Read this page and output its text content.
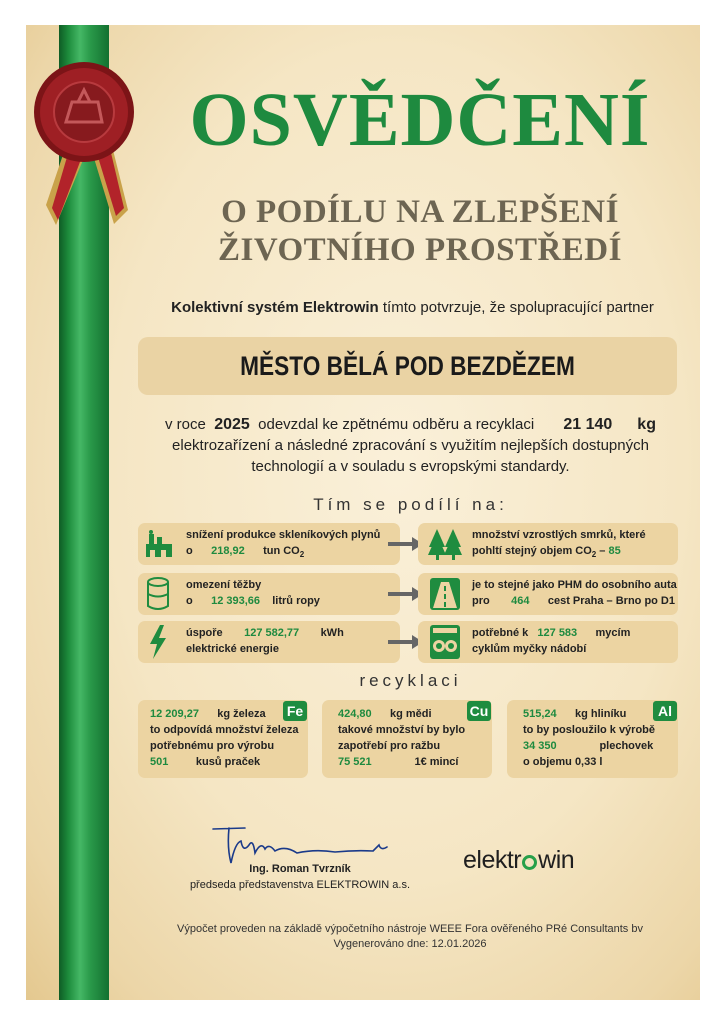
OSVĚDČENÍ
O PODÍLU NA ZLEPŠENÍ
ŽIVOTNÍHO PROSTŘEDÍ
Kolektivní systém Elektrowin tímto potvrzuje, že spolupracující partner
MĚSTO BĚLÁ POD BEZDĚZEM
v roce 2025 odevzdal ke zpětnému odběru a recyklaci 21 140 kg
elektrozařízení a následné zpracování s využitím nejlepších dostupných
technologií a v souladu s evropskými standardy.
Tím se podílí na:
snížení produkce skleníkových plynů
o 218,92 tun $CO_2$
množství vzrostlých smrků, které
pohltí stejný objem $CO_2 - 85$
omezení těžby
o 12 393,66 litrů ropy
je to stejné jako PHM do osobního auta
pro 464 cest Praha – Brno po D1
úspoře 127 582,77 kWh
elektrické energie
potřebné k 127 583 mycím
cyklům myčky nádobí
recyklaci
Fe
12 209,27 kg železa
to odpovídá množství železa
potřebnému pro výrobu
501	kusů praček
Cu
424,80 kg mědi
takové množství by bylo
zapotřebí pro ražbu
75 521	1€ mincí
Al
515,24 kg hliníku
to by posloužilo k výrobě
34 350	plechovek
o objemu 0,33 l
Ing. Roman Tvrzník
předseda představenstva ELEKTROWIN a.s.
elektr win
Výpočet proveden na základě výpočetního nástroje WEEE Fora ověřeného PRé Consultants bv
Vygenerováno dne: 12.01.2026
